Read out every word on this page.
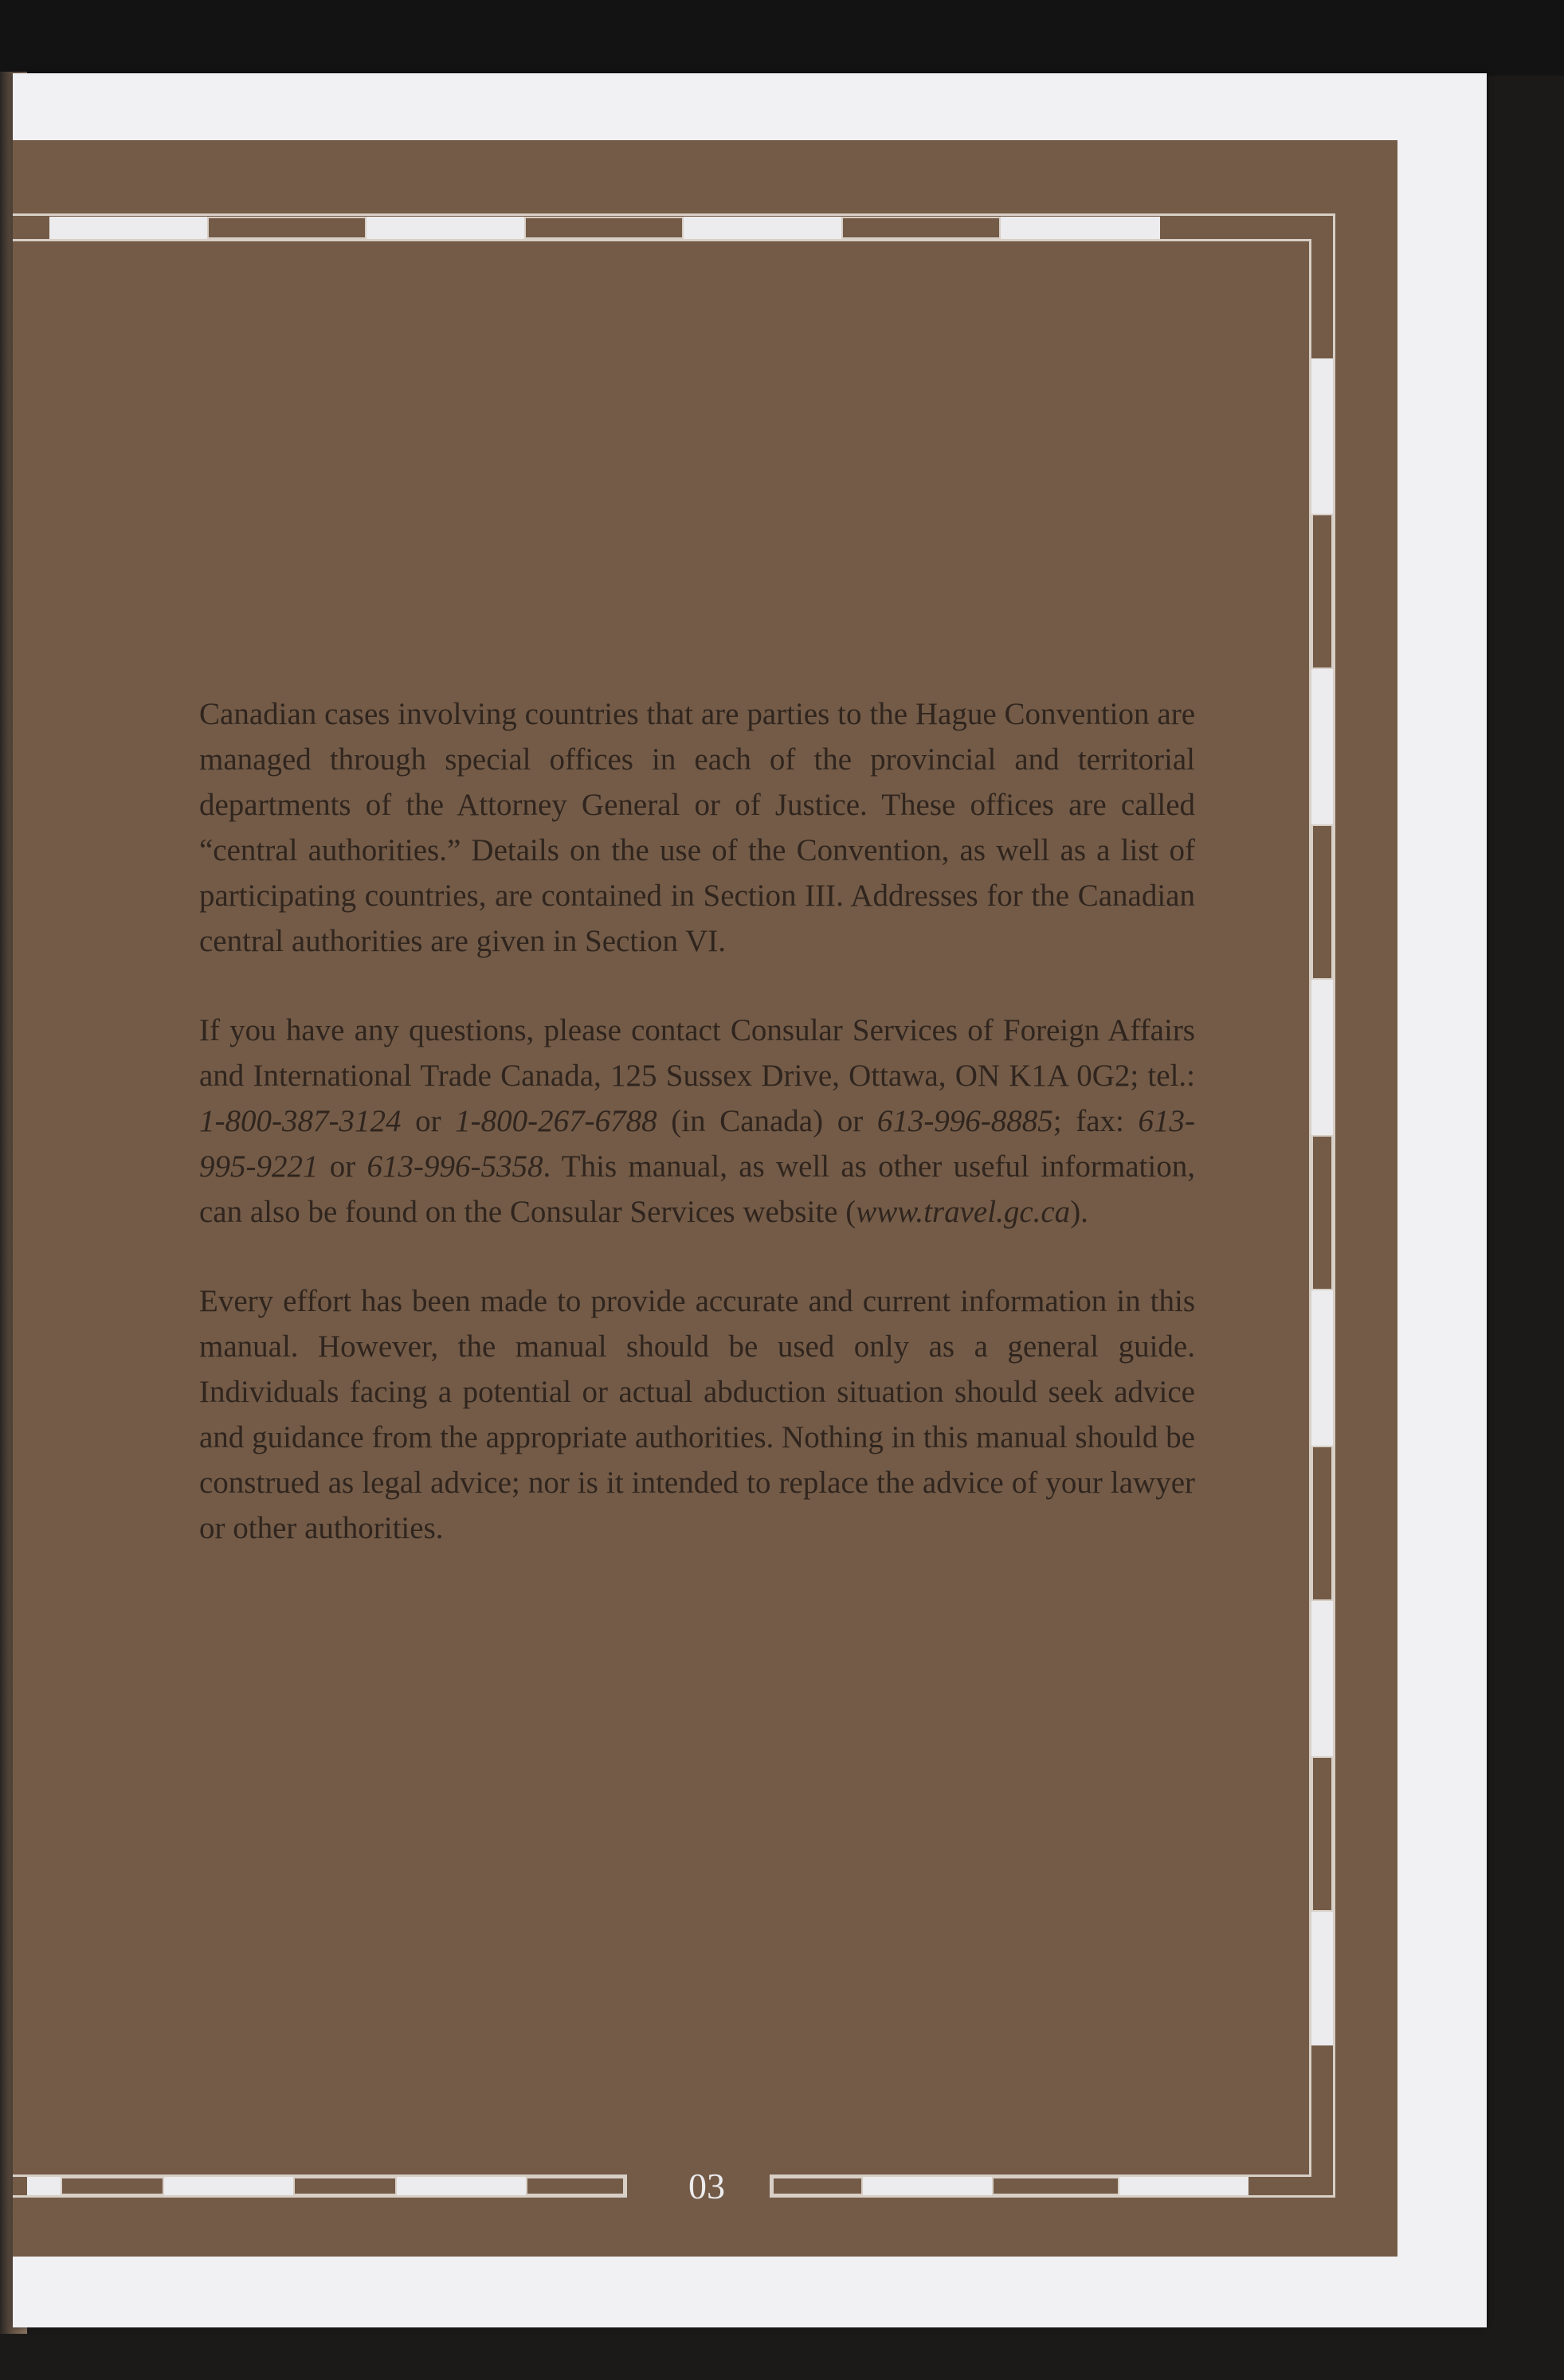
Canadian cases involving countries that are parties to the Hague Convention are managed through special offices in each of the provincial and territorial departments of the Attorney General or of Justice. These offices are called “central authorities.” Details on the use of the Convention, as well as a list of participating countries, are contained in Section III. Addresses for the Canadian central authorities are given in Section VI.

If you have any questions, please contact Consular Services of Foreign Affairs and International Trade Canada, 125 Sussex Drive, Ottawa, ON K1A 0G2; tel.: 1-800-387-3124 or 1-800-267-6788 (in Canada) or 613-996-8885; fax: 613-995-9221 or 613-996-5358. This manual, as well as other useful information, can also be found on the Consular Services website (www.travel.gc.ca).

Every effort has been made to provide accurate and current information in this manual. However, the manual should be used only as a general guide. Individuals facing a potential or actual abduction situation should seek advice and guidance from the appropriate authorities. Nothing in this manual should be construed as legal advice; nor is it intended to replace the advice of your lawyer or other authorities.

03
